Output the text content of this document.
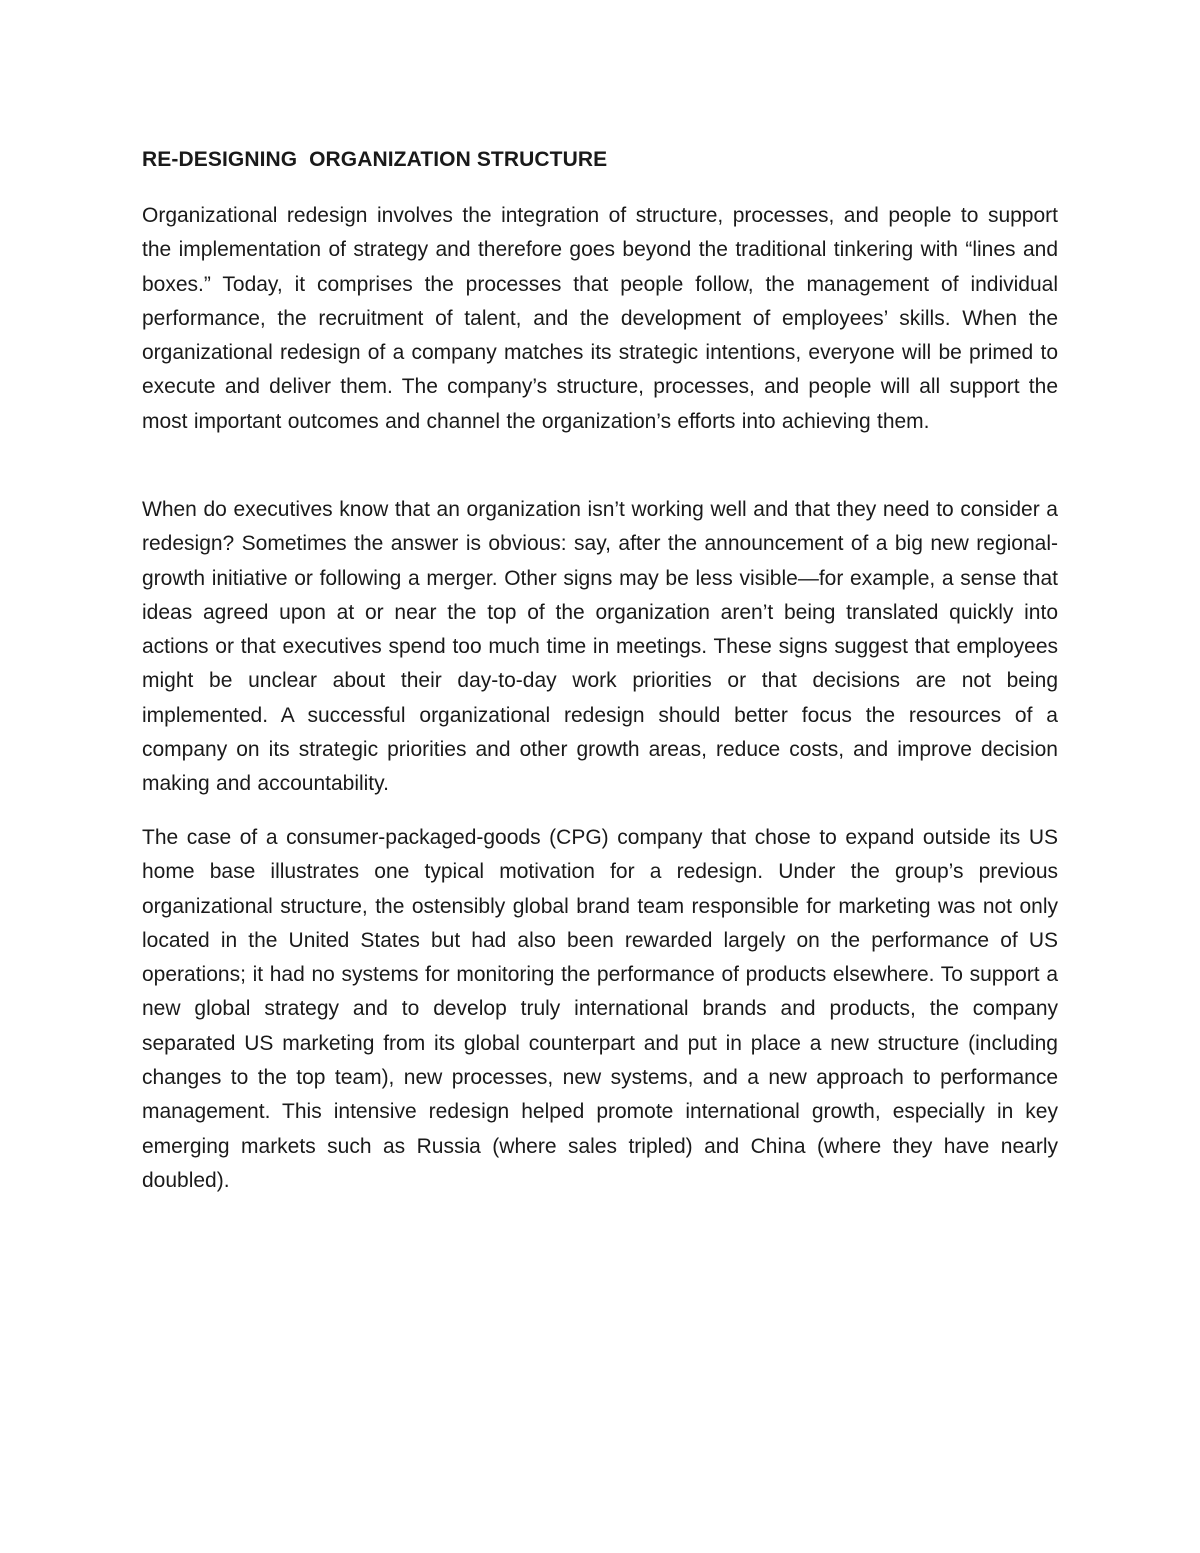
RE-DESIGNING  ORGANIZATION STRUCTURE

Organizational redesign involves the integration of structure, processes, and people to support the implementation of strategy and therefore goes beyond the traditional tinkering with “lines and boxes.” Today, it comprises the processes that people follow, the management of individual performance, the recruitment of talent, and the development of employees’ skills. When the organizational redesign of a company matches its strategic intentions, everyone will be primed to execute and deliver them. The company’s structure, processes, and people will all support the most important outcomes and channel the organization’s efforts into achieving them.

When do executives know that an organization isn’t working well and that they need to consider a redesign? Sometimes the answer is obvious: say, after the announcement of a big new regional-growth initiative or following a merger. Other signs may be less visible—for example, a sense that ideas agreed upon at or near the top of the organization aren’t being translated quickly into actions or that executives spend too much time in meetings. These signs suggest that employees might be unclear about their day-to-day work priorities or that decisions are not being implemented. A successful organizational redesign should better focus the resources of a company on its strategic priorities and other growth areas, reduce costs, and improve decision making and accountability.

The case of a consumer-packaged-goods (CPG) company that chose to expand outside its US home base illustrates one typical motivation for a redesign. Under the group’s previous organizational structure, the ostensibly global brand team responsible for marketing was not only located in the United States but had also been rewarded largely on the performance of US operations; it had no systems for monitoring the performance of products elsewhere. To support a new global strategy and to develop truly international brands and products, the company separated US marketing from its global counterpart and put in place a new structure (including changes to the top team), new processes, new systems, and a new approach to performance management. This intensive redesign helped promote international growth, especially in key emerging markets such as Russia (where sales tripled) and China (where they have nearly doubled).
